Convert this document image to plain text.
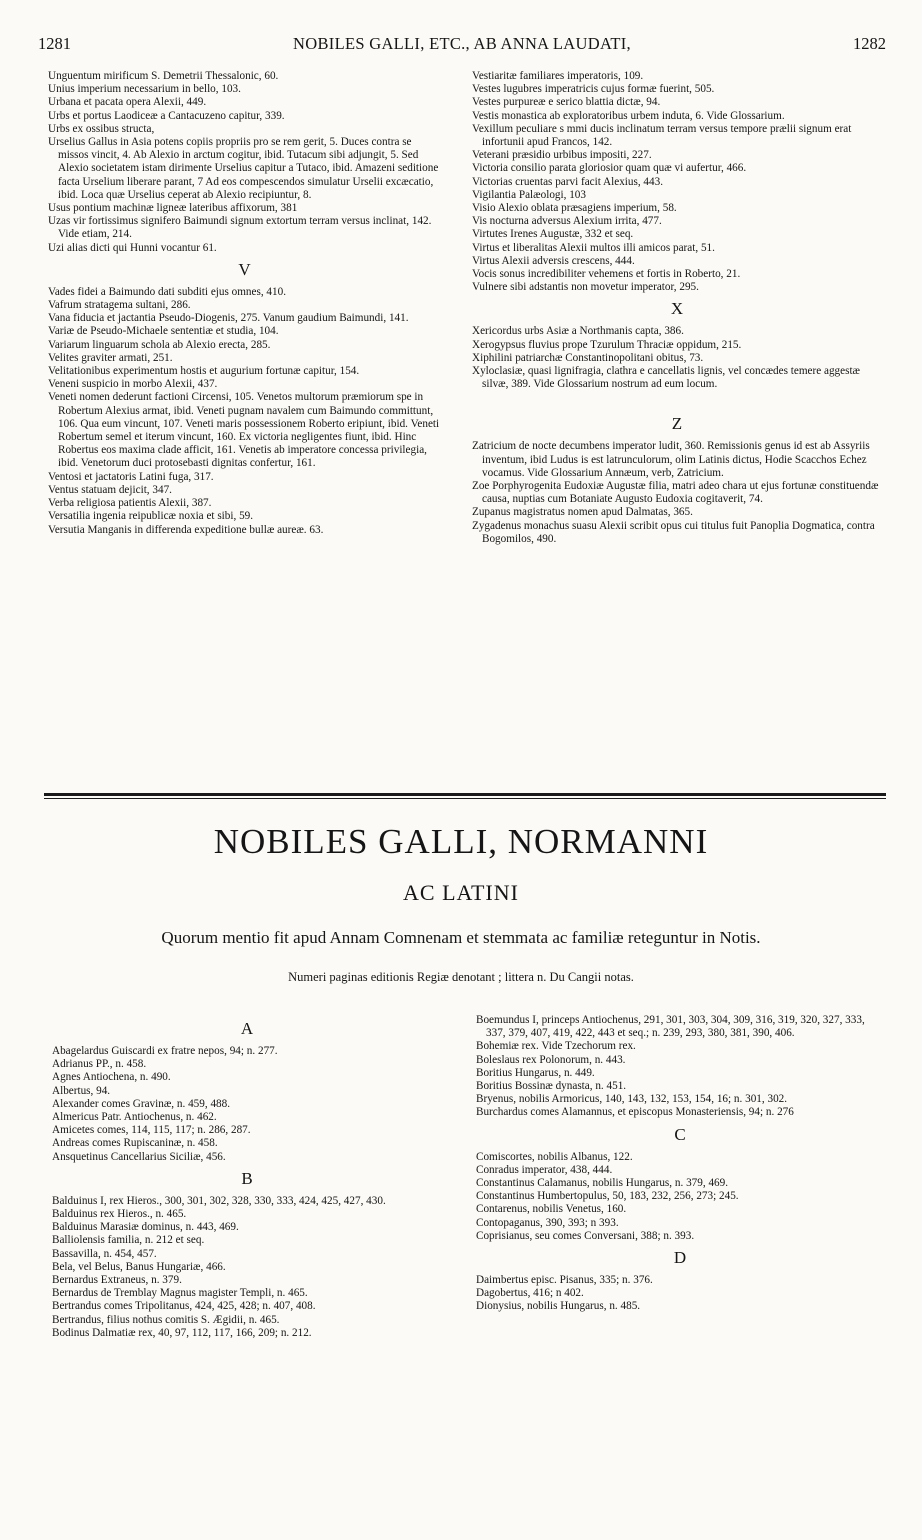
1281	NOBILES GALLI, ETC., AB ANNA LAUDATI,	1282

Unguentum mirificum S. Demetrii Thessalonic, 60.

Unius imperium necessarium in bello, 103.

Urbana et pacata opera Alexii, 449.

Urbs et portus Laodiceæ a Cantacuzeno capitur, 339.

Urbs ex ossibus structa,

Urselius Gallus in Asia potens copiis propriis pro se rem gerit, 5. Duces contra se missos vincit, 4. Ab Alexio in arctum cogitur, ibid. Tutacum sibi adjungit, 5. Sed Alexio societatem istam dirimente Urselius capitur a Tutaco, ibid. Amazeni seditione facta Urselium liberare parant, 7 Ad eos compescendos simulatur Urselii excæcatio, ibid. Loca quæ Urselius ceperat ab Alexio recipiuntur, 8.

Usus pontium machinæ ligneæ lateribus affixorum, 381

Uzas vir fortissimus signifero Baimundi signum extortum terram versus inclinat, 142. Vide etiam, 214.

Uzi alias dicti qui Hunni vocantur 61.

V

Vades fidei a Baimundo dati subditi ejus omnes, 410.

Vafrum stratagema sultani, 286.

Vana fiducia et jactantia Pseudo-Diogenis, 275. Vanum gaudium Baimundi, 141.

Variæ de Pseudo-Michaele sententiæ et studia, 104.

Variarum linguarum schola ab Alexio erecta, 285.

Velites graviter armati, 251.

Velitationibus experimentum hostis et augurium fortunæ capitur, 154.

Veneni suspicio in morbo Alexii, 437.

Veneti nomen dederunt factioni Circensi, 105. Venetos multorum præmiorum spe in Robertum Alexius armat, ibid. Veneti pugnam navalem cum Baimundo committunt, 106. Qua eum vincunt, 107. Veneti maris possessionem Roberto eripiunt, ibid. Veneti Robertum semel et iterum vincunt, 160. Ex victoria negligentes fiunt, ibid. Hinc Robertus eos maxima clade afficit, 161. Venetis ab imperatore concessa privilegia, ibid. Venetorum duci protosebasti dignitas confertur, 161.

Ventosi et jactatoris Latini fuga, 317.

Ventus statuam dejicit, 347.

Verba religiosa patientis Alexii, 387.

Versatilia ingenia reipublicæ noxia et sibi, 59.

Versutia Manganis in differenda expeditione bullæ aureæ. 63.

Vestiaritæ familiares imperatoris, 109.

Vestes lugubres imperatricis cujus formæ fuerint, 505.

Vestes purpureæ e serico blattia dictæ, 94.

Vestis monastica ab exploratoribus urbem induta, 6. Vide Glossarium.

Vexillum peculiare s mmi ducis inclinatum terram versus tempore prælii signum erat infortunii apud Francos, 142.

Veterani præsidio urbibus impositi, 227.

Victoria consilio parata gloriosior quam quæ vi aufertur, 466.

Victorias cruentas parvi facit Alexius, 443.

Vigilantia Palæologi, 103

Visio Alexio oblata præsagiens imperium, 58.

Vis nocturna adversus Alexium irrita, 477.

Virtutes Irenes Augustæ, 332 et seq.

Virtus et liberalitas Alexii multos illi amicos parat, 51.

Virtus Alexii adversis crescens, 444.

Vocis sonus incredibiliter vehemens et fortis in Roberto, 21.

Vulnere sibi adstantis non movetur imperator, 295.

X

Xericordus urbs Asiæ a Northmanis capta, 386.

Xerogypsus fluvius prope Tzurulum Thraciæ oppidum, 215.

Xiphilini patriarchæ Constantinopolitani obitus, 73.

Xyloclasiæ, quasi lignifragia, clathra e cancellatis lignis, vel concædes temere aggestæ silvæ, 389. Vide Glossarium nostrum ad eum locum.

Z

Zatricium de nocte decumbens imperator ludit, 360. Remissionis genus id est ab Assyriis inventum, ibid Ludus is est latrunculorum, olim Latinis dictus, Hodie Scacchos Echez vocamus. Vide Glossarium Annæum, verb, Zatricium.

Zoe Porphyrogenita Eudoxiæ Augustæ filia, matri adeo chara ut ejus fortunæ constituendæ causa, nuptias cum Botaniate Augusto Eudoxia cogitaverit, 74.

Zupanus magistratus nomen apud Dalmatas, 365.

Zygadenus monachus suasu Alexii scribit opus cui titulus fuit Panoplia Dogmatica, contra Bogomilos, 490.

NOBILES GALLI, NORMANNI
AC LATINI
Quorum mentio fit apud Annam Comnenam et stemmata ac familiæ reteguntur in Notis.
Numeri paginas editionis Regiæ denotant ; littera n. Du Cangii notas.
A

Abagelardus Guiscardi ex fratre nepos, 94; n. 277.

Adrianus PP., n. 458.

Agnes Antiochena, n. 490.

Albertus, 94.

Alexander comes Gravinæ, n. 459, 488.

Almericus Patr. Antiochenus, n. 462.

Amicetes comes, 114, 115, 117; n. 286, 287.

Andreas comes Rupiscaninæ, n. 458.

Ansquetinus Cancellarius Siciliæ, 456.

B

Balduinus I, rex Hieros., 300, 301, 302, 328, 330, 333, 424, 425, 427, 430.

Balduinus rex Hieros., n. 465.

Balduinus Marasiæ dominus, n. 443, 469.

Balliolensis familia, n. 212 et seq.

Bassavilla, n. 454, 457.

Bela, vel Belus, Banus Hungariæ, 466.

Bernardus Extraneus, n. 379.

Bernardus de Tremblay Magnus magister Templi, n. 465.

Bertrandus comes Tripolitanus, 424, 425, 428; n. 407, 408.

Bertrandus, filius nothus comitis S. Ægidii, n. 465.

Bodinus Dalmatiæ rex, 40, 97, 112, 117, 166, 209; n. 212.

Boemundus I, princeps Antiochenus, 291, 301, 303, 304, 309, 316, 319, 320, 327, 333, 337, 379, 407, 419, 422, 443 et seq.; n. 239, 293, 380, 381, 390, 406.

Bohemiæ rex. Vide Tzechorum rex.

Boleslaus rex Polonorum, n. 443.

Boritius Hungarus, n. 449.

Boritius Bossinæ dynasta, n. 451.

Bryenus, nobilis Armoricus, 140, 143, 132, 153, 154, 16; n. 301, 302.

Burchardus comes Alamannus, et episcopus Monasteriensis, 94; n. 276

C

Comiscortes, nobilis Albanus, 122.

Conradus imperator, 438, 444.

Constantinus Calamanus, nobilis Hungarus, n. 379, 469.

Constantinus Humbertopulus, 50, 183, 232, 256, 273; 245.

Contarenus, nobilis Venetus, 160.

Contopaganus, 390, 393; n 393.

Coprisianus, seu comes Conversani, 388; n. 393.

D

Daimbertus episc. Pisanus, 335; n. 376.

Dagobertus, 416; n 402.

Dionysius, nobilis Hungarus, n. 485.
